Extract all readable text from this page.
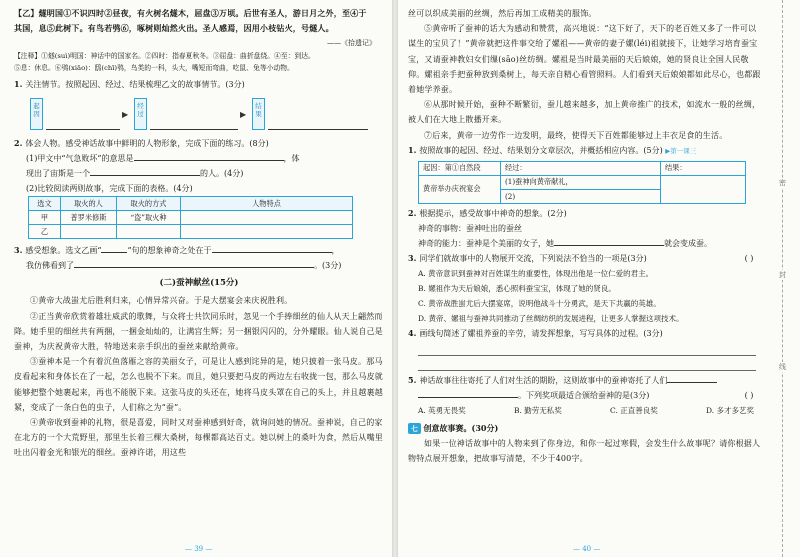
【乙】燧明国①不识四时②昼夜，有火树名燧木，屈盘③万顷。后世有圣人，游日月之外，至④于
其国，息⑤此树下。有鸟若鸮⑥，啄树则灿然火出。圣人感焉，因用小枝钻火，号燧人。
——《拾遗记》
【注释】①燧(suì)明国：神话中的国家名。②四时：指春夏秋冬。③屈盘：曲折盘绕。④至：到达。
⑤息：休息。⑥鸮(xiāo)：鸱(chī)鸮，鸟类的一科，头大，嘴短而弯曲，吃鼠、兔等小动物。
1. 关注情节。按照起因、经过、结果梳理乙文的故事情节。(3分)
起因	▶
经过	▶
结果
2. 体会人物。感受神话故事中鲜明的人物形象，完成下面的练习。(8分)
(1)甲文中“气急败坏”的意思是	，体
现出了宙斯是一个	的人。(4分)
(2)比较阅读两则故事，完成下面的表格。(4分)
选文	取火的人	取火的方式	人物特点
甲	普罗米修斯	“盗”取火种	
乙			
3. 感受想象。选文乙画“	”句的想象神奇之处在于	，
我仿佛看到了	。(3分)
(二)蚕神献丝(15分)
①黄帝大战蚩尤后胜利归来，心情异常兴奋。于是大摆宴会来庆祝胜利。
②正当黄帝欣赏着雄壮威武的歌舞，与众将士共饮同乐时，忽见一个手捧细丝的仙人从天上翩然而降。她手里的细丝共有两捆，一捆金灿灿的，让满宫生辉；另一捆银闪闪的，分外耀眼。仙人说自己是蚕神，为庆祝黄帝大胜，特地送来亲手织出的蚕丝来献给黄帝。
③蚕神本是一个有着沉鱼落雁之容的美丽女子，可是让人感到诧异的是，她只披着一张马皮。那马皮看起来和身体长在了一起，怎么也脱不下来。而且，她只要把马皮的两边左右收拢一包，那么马皮就能够把整个她裹起来，再也不能脱下来。这张马皮的头还在，她将马皮头罩在自己的头上，并且越裹越紧，变成了一条白色的虫子，人们称之为“蚕”。
④黄帝收到蚕神的礼物，很是喜爱，同时又对蚕神感到好奇，就询问她的情况。蚕神说，自己的家在北方的一个大荒野里，那里生长着三棵大桑树，每棵都高达百丈。她以树上的桑叶为食，然后从嘴里吐出闪着金光和银光的细丝。蚕神许诺，用这些
— 39 —
丝可以织成美丽的丝绸，然后再加工成精美的服饰。
⑤黄帝听了蚕神的话大为感动和赞赏，高兴地说：“这下好了，天下的老百姓又多了一件可以谋生的宝贝了！”黄帝就把这件事交给了嫘祖——黄帝的妻子嫘(léi)祖就接下，让她学习培育蚕宝宝，又请蚕神教妇女们缫(sāo)丝纺绸。嫘祖是当时最美丽的天后娘娘，她的贤良让全国人民敬仰。嫘祖亲手把蚕种放到桑树上，每天亲自精心看管照料。人们看到天后娘娘都如此尽心，也都跟着她学养蚕。
⑥从那时候开始，蚕种不断繁衍，蚕儿越来越多，加上黄帝推广的技术，如流水一般的丝绸，被人们在大地上散播开来。
⑦后来，黄帝一边劳作一边发明，最终，使得天下百姓都能够过上丰衣足食的生活。
1. 按照故事的起因、经过、结果划分文章层次，并概括相应内容。(5分) ▶第一课三
起因：第①自然段	经过：	结果：
黄帝举办庆祝宴会	(1)蚕神向黄帝献礼，	
	(2)	
2. 根据提示，感受故事中神奇的想象。(2分)
神奇的事物：蚕神吐出的蚕丝
神奇的能力：蚕神是个美丽的女子，她	就会变成蚕。
3. 同学们就故事中的人物展开交流，下列说法不恰当的一项是(3分)	( )
A. 黄帝意识到蚕神对百姓谋生的重要性，体现出他是一位仁爱的君主。
B. 嫘祖作为天后娘娘，悉心照料蚕宝宝，体现了她的贤良。
C. 黄帝战胜蚩尤后大摆宴席，说明他战斗十分勇武，是天下共赢的英雄。
D. 黄帝、嫘祖与蚕神共同推动了丝绸纺织的发展进程，让更多人掌握这项技术。
4. 画线句简述了嫘祖养蚕的辛劳，请发挥想象，写写具体的过程。(3分)
5. 神话故事往往寄托了人们对生活的期盼，这则故事中的蚕神寄托了人们
。下列奖项最适合颁给蚕神的是(3分)	( )
A. 英勇无畏奖	B. 勤劳无私奖	C. 正直善良奖	D. 多才多艺奖
七 创意故事赛。(30分)
如果一位神话故事中的人物来到了你身边，和你一起过寒假，会发生什么故事呢？请你根据人物特点展开想象，把故事写清楚，不少于400字。
— 40 —
密
封
线
